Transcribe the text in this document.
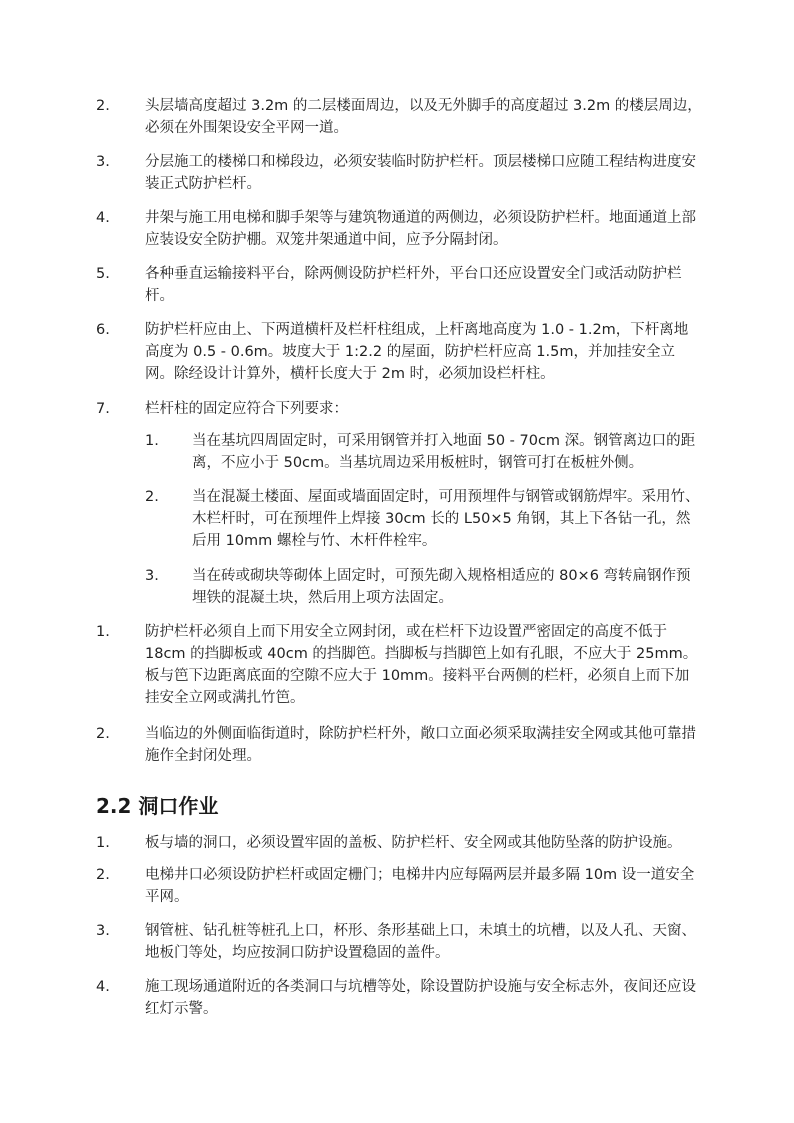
2. 头层墙高度超过 3.2m 的二层楼面周边，以及无外脚手的高度超过 3.2m 的楼层周边，必须在外围架设安全平网一道。
3. 分层施工的楼梯口和梯段边，必须安装临时防护栏杆。顶层楼梯口应随工程结构进度安装正式防护栏杆。
4. 井架与施工用电梯和脚手架等与建筑物通道的两侧边，必须设防护栏杆。地面通道上部应装设安全防护棚。双笼井架通道中间，应予分隔封闭。
5. 各种垂直运输接料平台，除两侧设防护栏杆外，平台口还应设置安全门或活动防护栏杆。
6. 防护栏杆应由上、下两道横杆及栏杆柱组成，上杆离地高度为 1.0 - 1.2m，下杆离地高度为 0.5 - 0.6m。坡度大于 1:2.2 的屋面，防护栏杆应高 1.5m，并加挂安全立网。除经设计计算外，横杆长度大于 2m 时，必须加设栏杆柱。
7. 栏杆柱的固定应符合下列要求：
1. 当在基坑四周固定时，可采用钢管并打入地面 50 - 70cm 深。钢管离边口的距离，不应小于 50cm。当基坑周边采用板桩时，钢管可打在板桩外侧。
2. 当在混凝土楼面、屋面或墙面固定时，可用预埋件与钢管或钢筋焊牢。采用竹、木栏杆时，可在预埋件上焊接 30cm 长的 L50×5 角钢，其上下各钻一孔，然后用 10mm 螺栓与竹、木杆件栓牢。
3. 当在砖或砌块等砌体上固定时，可预先砌入规格相适应的 80×6 弯转扁钢作预埋铁的混凝土块，然后用上项方法固定。
1. 防护栏杆必须自上而下用安全立网封闭，或在栏杆下边设置严密固定的高度不低于 18cm 的挡脚板或 40cm 的挡脚笆。挡脚板与挡脚笆上如有孔眼，不应大于 25mm。板与笆下边距离底面的空隙不应大于 10mm。接料平台两侧的栏杆，必须自上而下加挂安全立网或满扎竹笆。
2. 当临边的外侧面临街道时，除防护栏杆外，敞口立面必须采取满挂安全网或其他可靠措施作全封闭处理。
2.2 洞口作业
1. 板与墙的洞口，必须设置牢固的盖板、防护栏杆、安全网或其他防坠落的防护设施。
2. 电梯井口必须设防护栏杆或固定栅门；电梯井内应每隔两层并最多隔 10m 设一道安全平网。
3. 钢管桩、钻孔桩等桩孔上口，杯形、条形基础上口，未填土的坑槽，以及人孔、天窗、地板门等处，均应按洞口防护设置稳固的盖件。
4. 施工现场通道附近的各类洞口与坑槽等处，除设置防护设施与安全标志外，夜间还应设红灯示警。
